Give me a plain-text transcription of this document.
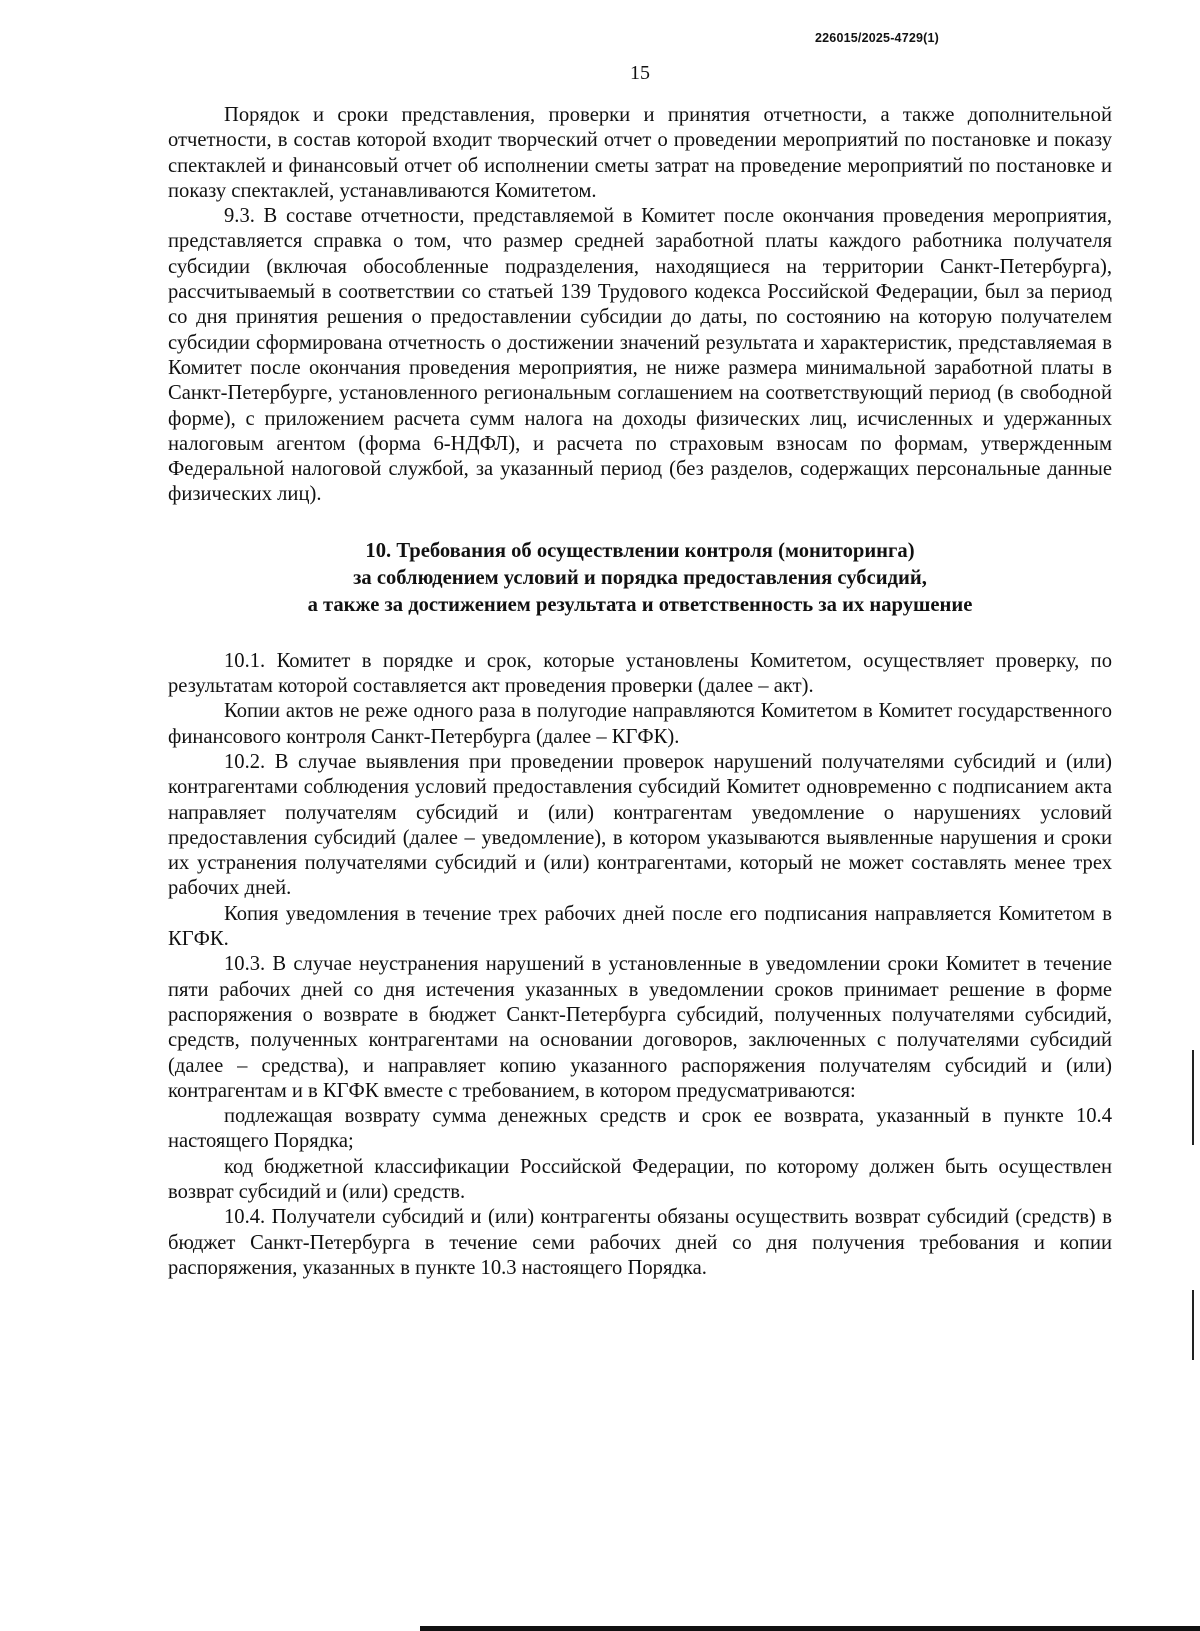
226015/2025-4729(1)
15

Порядок и сроки представления, проверки и принятия отчетности, а также дополнительной отчетности, в состав которой входит творческий отчет о проведении мероприятий по постановке и показу спектаклей и финансовый отчет об исполнении сметы затрат на проведение мероприятий по постановке и показу спектаклей, устанавливаются Комитетом.

9.3. В составе отчетности, представляемой в Комитет после окончания проведения мероприятия, представляется справка о том, что размер средней заработной платы каждого работника получателя субсидии (включая обособленные подразделения, находящиеся на территории Санкт-Петербурга), рассчитываемый в соответствии со статьей 139 Трудового кодекса Российской Федерации, был за период со дня принятия решения о предоставлении субсидии до даты, по состоянию на которую получателем субсидии сформирована отчетность о достижении значений результата и характеристик, представляемая в Комитет после окончания проведения мероприятия, не ниже размера минимальной заработной платы в Санкт-Петербурге, установленного региональным соглашением на соответствующий период (в свободной форме), с приложением расчета сумм налога на доходы физических лиц, исчисленных и удержанных налоговым агентом (форма 6-НДФЛ), и расчета по страховым взносам по формам, утвержденным Федеральной налоговой службой, за указанный период (без разделов, содержащих персональные данные физических лиц).

10. Требования об осуществлении контроля (мониторинга)
за соблюдением условий и порядка предоставления субсидий,
а также за достижением результата и ответственность за их нарушение

10.1. Комитет в порядке и срок, которые установлены Комитетом, осуществляет проверку, по результатам которой составляется акт проведения проверки (далее – акт).

Копии актов не реже одного раза в полугодие направляются Комитетом в Комитет государственного финансового контроля Санкт-Петербурга (далее – КГФК).

10.2. В случае выявления при проведении проверок нарушений получателями субсидий и (или) контрагентами соблюдения условий предоставления субсидий Комитет одновременно с подписанием акта направляет получателям субсидий и (или) контрагентам уведомление о нарушениях условий предоставления субсидий (далее – уведомление), в котором указываются выявленные нарушения и сроки их устранения получателями субсидий и (или) контрагентами, который не может составлять менее трех рабочих дней.

Копия уведомления в течение трех рабочих дней после его подписания направляется Комитетом в КГФК.

10.3. В случае неустранения нарушений в установленные в уведомлении сроки Комитет в течение пяти рабочих дней со дня истечения указанных в уведомлении сроков принимает решение в форме распоряжения о возврате в бюджет Санкт-Петербурга субсидий, полученных получателями субсидий, средств, полученных контрагентами на основании договоров, заключенных с получателями субсидий (далее – средства), и направляет копию указанного распоряжения получателям субсидий и (или) контрагентам и в КГФК вместе с требованием, в котором предусматриваются:

подлежащая возврату сумма денежных средств и срок ее возврата, указанный в пункте 10.4 настоящего Порядка;

код бюджетной классификации Российской Федерации, по которому должен быть осуществлен возврат субсидий и (или) средств.

10.4. Получатели субсидий и (или) контрагенты обязаны осуществить возврат субсидий (средств) в бюджет Санкт-Петербурга в течение семи рабочих дней со дня получения требования и копии распоряжения, указанных в пункте 10.3 настоящего Порядка.
